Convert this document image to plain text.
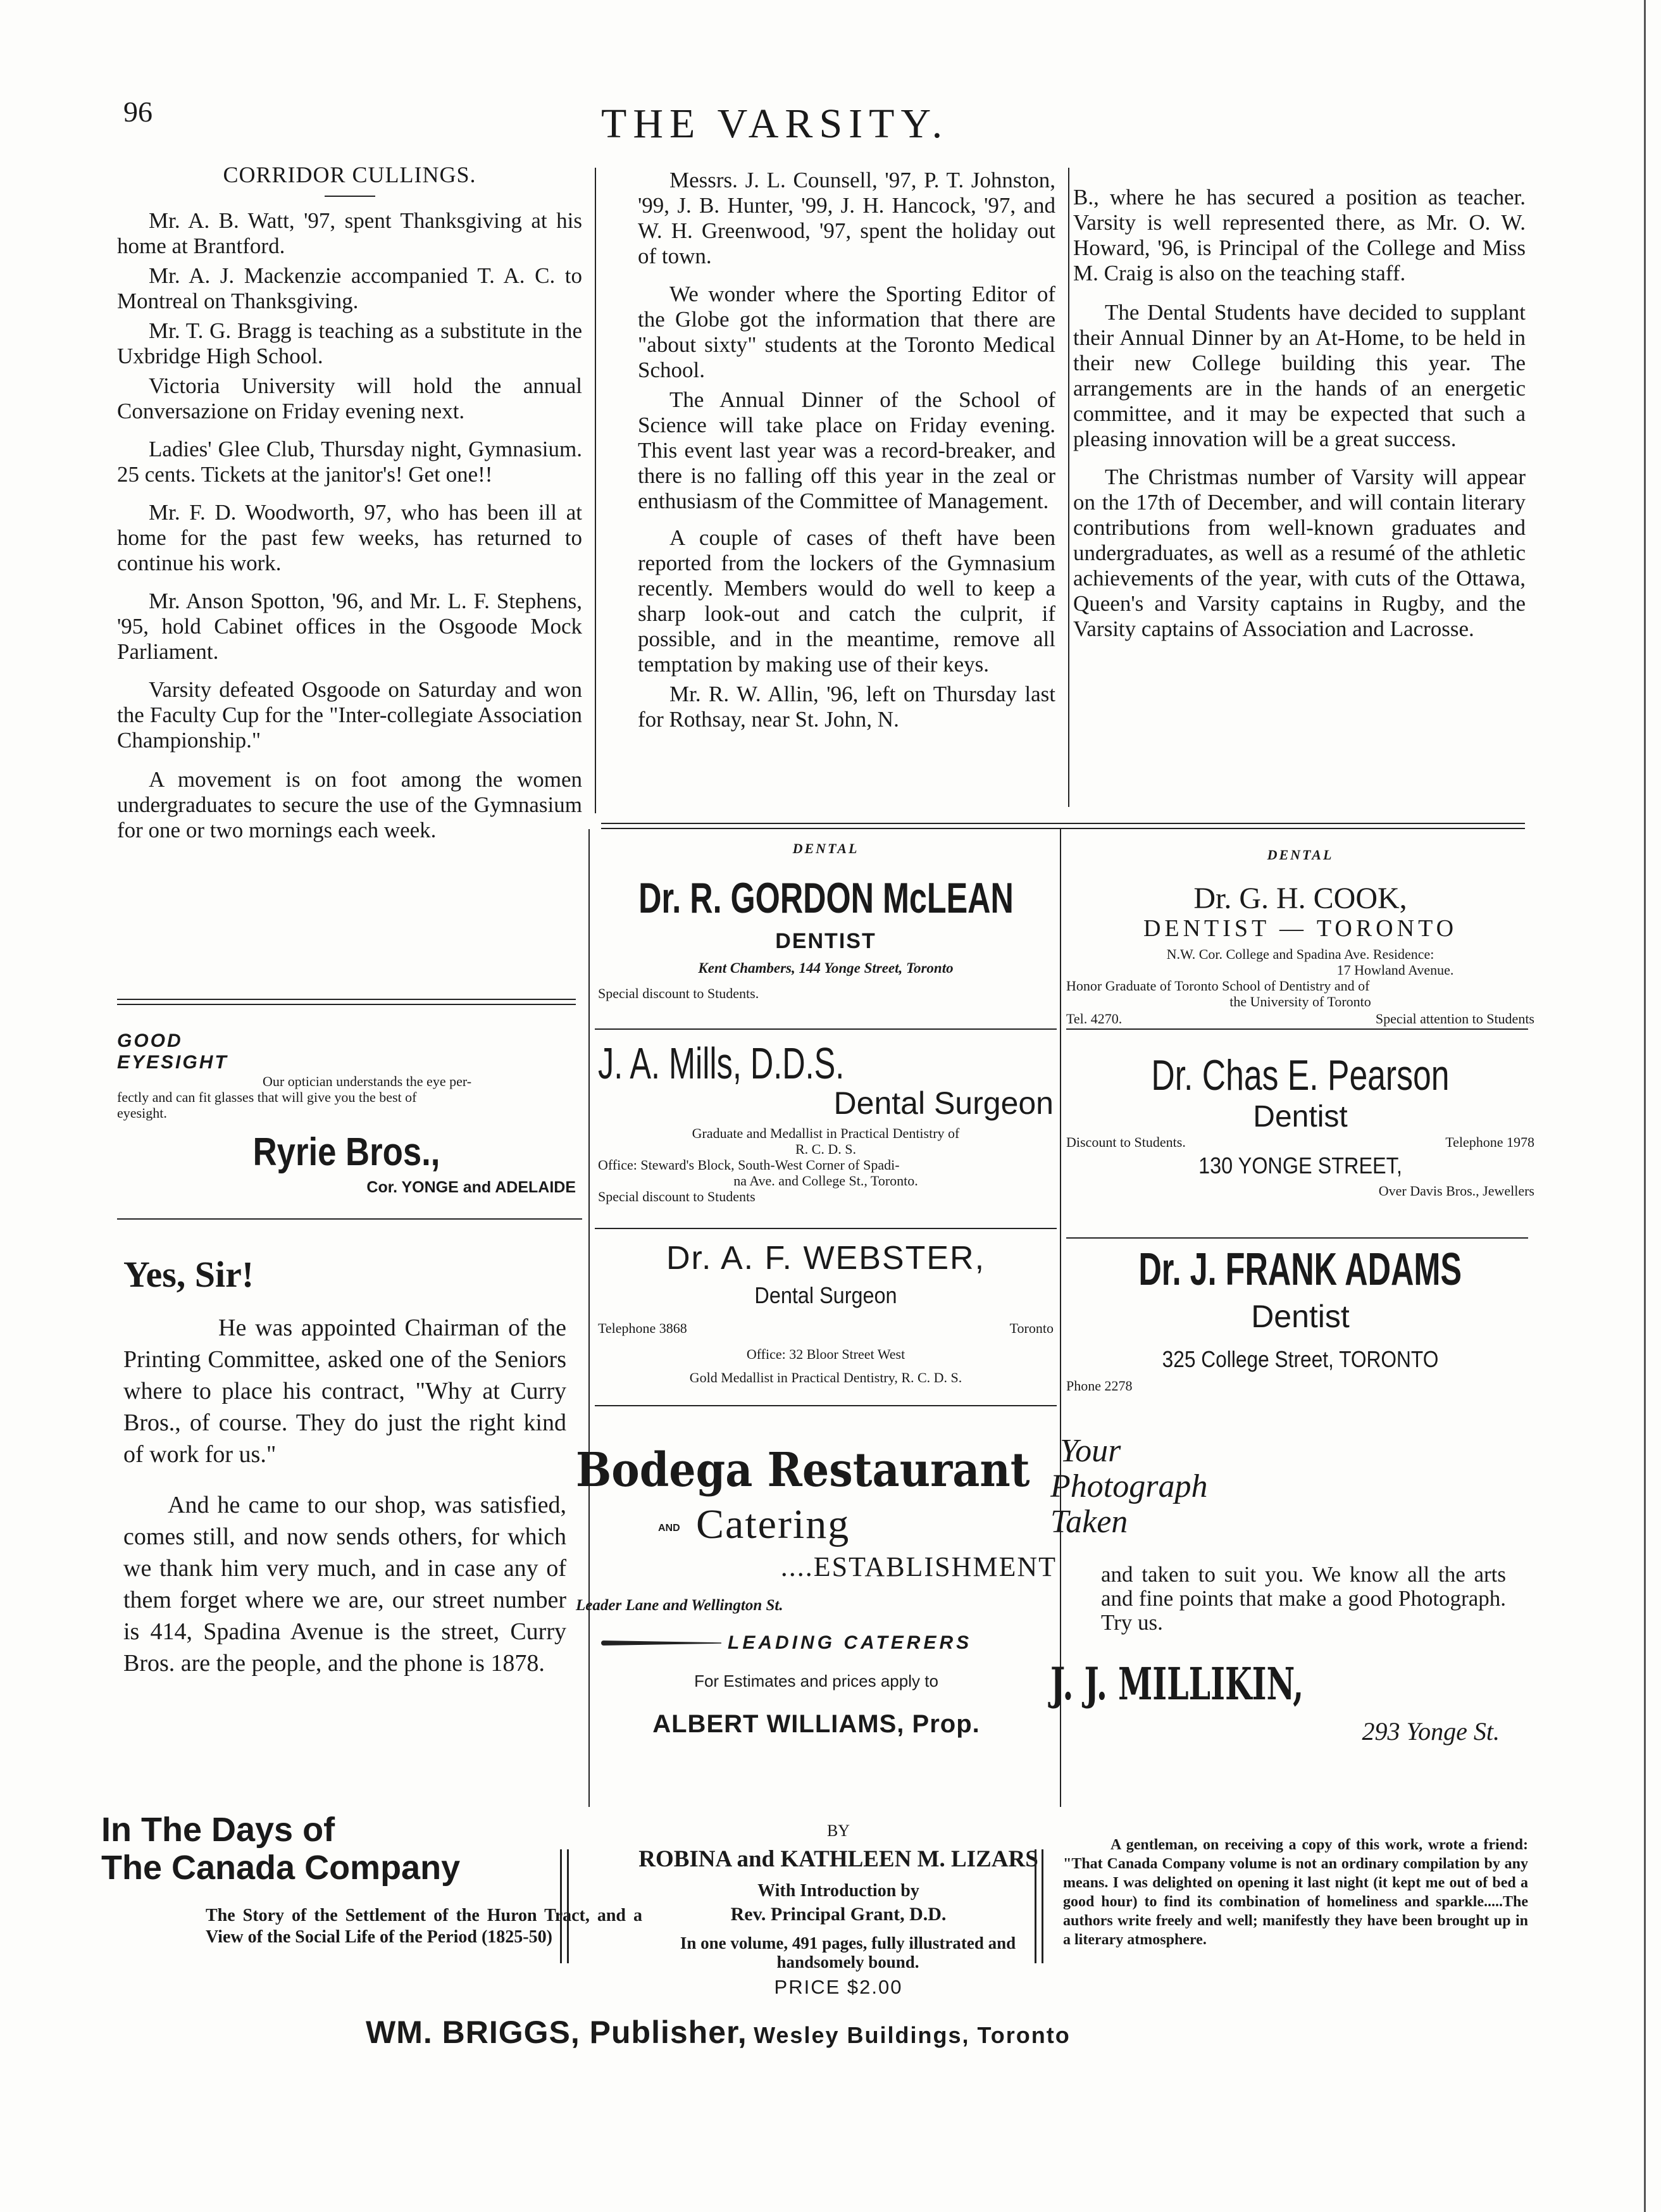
96	THE VARSITY.
CORRIDOR CULLINGS.

Mr. A. B. Watt, '97, spent Thanksgiving at his home at Brantford.

Mr. A. J. Mackenzie accompanied T. A. C. to Montreal on Thanksgiving.

Mr. T. G. Bragg is teaching as a substitute in the Uxbridge High School.

Victoria University will hold the annual Conversazione on Friday evening next.

Ladies' Glee Club, Thursday night, Gymnasium. 25 cents. Tickets at the janitor's! Get one!!

Mr. F. D. Woodworth, 97, who has been ill at home for the past few weeks, has returned to continue his work.

Mr. Anson Spotton, '96, and Mr. L. F. Stephens, '95, hold Cabinet offices in the Osgoode Mock Parliament.

Varsity defeated Osgoode on Saturday and won the Faculty Cup for the "Inter-collegiate Association Championship."

A movement is on foot among the women undergraduates to secure the use of the Gymnasium for one or two mornings each week.

Messrs. J. L. Counsell, '97, P. T. Johnston, '99, J. B. Hunter, '99, J. H. Hancock, '97, and W. H. Greenwood, '97, spent the holiday out of town.

We wonder where the Sporting Editor of the Globe got the information that there are "about sixty" students at the Toronto Medical School.

The Annual Dinner of the School of Science will take place on Friday evening. This event last year was a record-breaker, and there is no falling off this year in the zeal or enthusiasm of the Committee of Management.

A couple of cases of theft have been reported from the lockers of the Gymnasium recently. Members would do well to keep a sharp look-out and catch the culprit, if possible, and in the meantime, remove all temptation by making use of their keys.

Mr. R. W. Allin, '96, left on Thursday last for Rothsay, near St. John, N.

B., where he has secured a position as teacher. Varsity is well represented there, as Mr. O. W. Howard, '96, is Principal of the College and Miss M. Craig is also on the teaching staff.

The Dental Students have decided to supplant their Annual Dinner by an At-Home, to be held in their new College building this year. The arrangements are in the hands of an energetic committee, and it may be expected that such a pleasing innovation will be a great success.

The Christmas number of Varsity will appear on the 17th of December, and will contain literary contributions from well-known graduates and undergraduates, as well as a resumé of the athletic achievements of the year, with cuts of the Ottawa, Queen's and Varsity captains in Rugby, and the Varsity captains of Association and Lacrosse.

DENTAL	DENTAL
Dr. R. GORDON McLEAN
DENTIST
Kent Chambers, 144 Yonge Street, Toronto
Special discount to Students.
Dr. G. H. COOK,
DENTIST — TORONTO
N.W. Cor. College and Spadina Ave. Residence:
17 Howland Avenue.
Honor Graduate of Toronto School of Dentistry and of
the University of Toronto
Tel. 4270.	Special attention to Students
GOOD
EYESIGHT
Our optician understands the eye per-
fectly and can fit glasses that will give you the best of
eyesight.
Ryrie Bros.,
Cor. YONGE and ADELAIDE
J. A. Mills, D.D.S.
Dental Surgeon
Graduate and Medallist in Practical Dentistry of
R. C. D. S.
Office: Steward's Block, South-West Corner of Spadi-
na Ave. and College St., Toronto.
Special discount to Students
Dr. Chas E. Pearson
Dentist
Discount to Students.	Telephone 1978
130 YONGE STREET,
Over Davis Bros., Jewellers
Yes, Sir!

He was appointed Chairman of the Printing Committee, asked one of the Seniors where to place his contract, "Why at Curry Bros., of course. They do just the right kind of work for us."

And he came to our shop, was satisfied, comes still, and now sends others, for which we thank him very much, and in case any of them forget where we are, our street number is 414, Spadina Avenue is the street, Curry Bros. are the people, and the phone is 1878.

Dr. A. F. WEBSTER,
Dental Surgeon
Telephone 3868	Toronto
Office: 32 Bloor Street West
Gold Medallist in Practical Dentistry, R. C. D. S.
Dr. J. FRANK ADAMS
Dentist
325 College Street, TORONTO
Phone 2278
Bodega Restaurant
AND Catering
....ESTABLISHMENT
Leader Lane and Wellington St.
LEADING CATERERS
For Estimates and prices apply to
ALBERT WILLIAMS, Prop.
Your
Photograph
Taken
and taken to suit you. We know all the arts and fine points that make a good Photograph. Try us.
J. J. MILLIKIN,
293 Yonge St.
In The Days of
The Canada Company
The Story of the Settlement of the Huron Tract, and a View of the Social Life of the Period (1825-50)
BY
ROBINA and KATHLEEN M. LIZARS
With Introduction by
Rev. Principal Grant, D.D.
In one volume, 491 pages, fully illustrated and handsomely bound.
PRICE $2.00
A gentleman, on receiving a copy of this work, wrote a friend: "That Canada Company volume is not an ordinary compilation by any means. I was delighted on opening it last night (it kept me out of bed a good hour) to find its combination of homeliness and sparkle.....The authors write freely and well; manifestly they have been brought up in a literary atmosphere.
WM. BRIGGS, Publisher, Wesley Buildings, Toronto
